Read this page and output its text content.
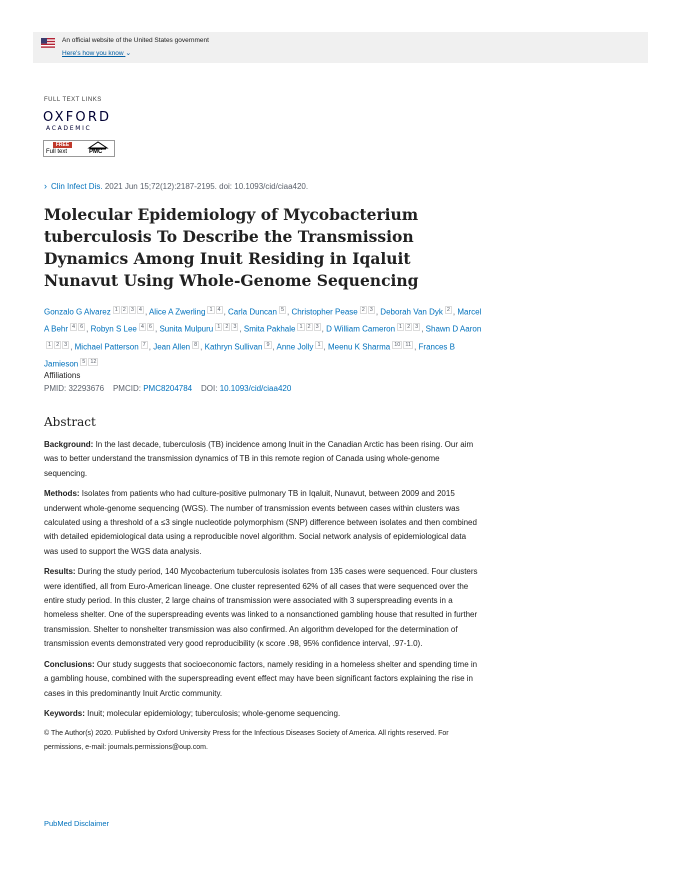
An official website of the United States government
Here's how you know ⌄
FULL TEXT LINKS
OXFORD
ACADEMIC
FREE
Full text	PMC
› Clin Infect Dis. 2021 Jun 15;72(12):2187-2195. doi: 10.1093/cid/ciaa420.
Molecular Epidemiology of Mycobacterium tuberculosis To Describe the Transmission Dynamics Among Inuit Residing in Iqaluit Nunavut Using Whole-Genome Sequencing
Gonzalo G Alvarez $^{1 2 3 4}$ , Alice A Zwerling $^{1 4}$ , Carla Duncan $^5$ , Christopher Pease $^{2 3}$ , Deborah Van Dyk $^2$ , Marcel A Behr $^{4 6}$ , Robyn S Lee $^{4 6}$ , Sunita Mulpuru $^{1 2 3}$ , Smita Pakhale $^{1 2 3}$ , D William Cameron $^{1 2 3}$ , Shawn D Aaron$^{1 2 3}$ , Michael Patterson $^7$ , Jean Allen $^8$ , Kathryn Sullivan $^9$ , Anne Jolly $^1$ , Meenu K Sharma $^{10 11}$ , Frances B Jamieson $^{5 12}$
Affiliations
PMID: 32293676 PMCID: PMC8204784 DOI: 10.1093/cid/ciaa420
Abstract

Background: In the last decade, tuberculosis (TB) incidence among Inuit in the Canadian Arctic has been rising. Our aim was to better understand the transmission dynamics of TB in this remote region of Canada using whole-genome sequencing.

Methods: Isolates from patients who had culture-positive pulmonary TB in Iqaluit, Nunavut, between 2009 and 2015 underwent whole-genome sequencing (WGS). The number of transmission events between cases within clusters was calculated using a threshold of a ≤3 single nucleotide polymorphism (SNP) difference between isolates and then combined with detailed epidemiological data using a reproducible novel algorithm. Social network analysis of epidemiological data was used to support the WGS data analysis.

Results: During the study period, 140 Mycobacterium tuberculosis isolates from 135 cases were sequenced. Four clusters were identified, all from Euro-American lineage. One cluster represented 62% of all cases that were sequenced over the entire study period. In this cluster, 2 large chains of transmission were associated with 3 superspreading events in a homeless shelter. One of the superspreading events was linked to a nonsanctioned gambling house that resulted in further transmission. Shelter to nonshelter transmission was also confirmed. An algorithm developed for the determination of transmission events demonstrated very good reproducibility (κ score .98, 95% confidence interval, .97-1.0).

Conclusions: Our study suggests that socioeconomic factors, namely residing in a homeless shelter and spending time in a gambling house, combined with the superspreading event effect may have been significant factors explaining the rise in cases in this predominantly Inuit Arctic community.

Keywords: Inuit; molecular epidemiology; tuberculosis; whole-genome sequencing.

© The Author(s) 2020. Published by Oxford University Press for the Infectious Diseases Society of America. All rights reserved. For permissions, e-mail: journals.permissions@oup.com.

PubMed Disclaimer
